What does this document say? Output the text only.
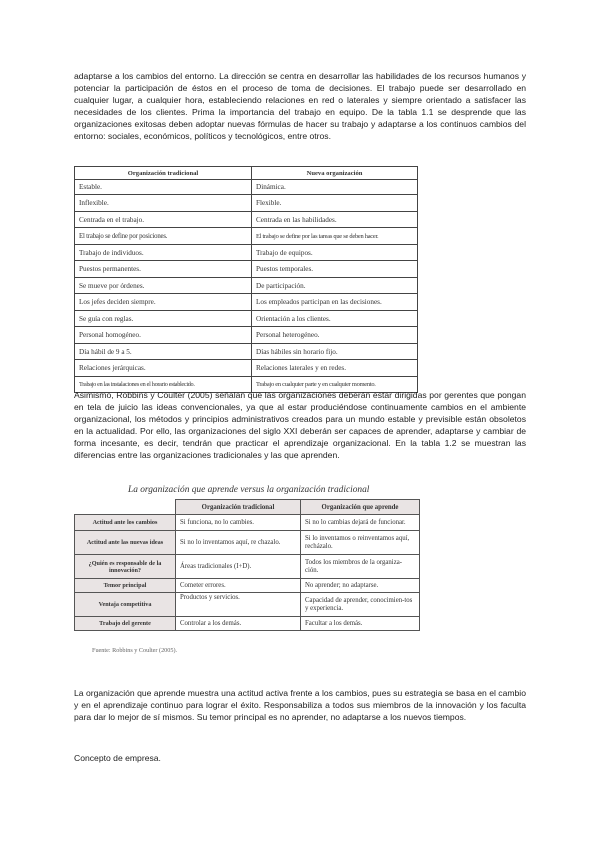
adaptarse a los cambios del entorno. La dirección se centra en desarrollar las habilidades de los recursos humanos y potenciar la participación de éstos en el proceso de toma de decisiones. El trabajo puede ser desarrollado en cualquier lugar, a cualquier hora, estableciendo relaciones en red o laterales y siempre orientado a satisfacer las necesidades de los clientes. Prima la importancia del trabajo en equipo. De la tabla 1.1 se desprende que las organizaciones exitosas deben adoptar nuevas fórmulas de hacer su trabajo y adaptarse a los continuos cambios del entorno: sociales, económicos, políticos y tecnológicos, entre otros.

Organización tradicional	Nueva organización
Estable.	Dinámica.
Inflexible.	Flexible.
Centrada en el trabajo.	Centrada en las habilidades.
El trabajo se define por posiciones.	El trabajo se define por las tareas que se deben hacer.
Trabajo de individuos.	Trabajo de equipos.
Puestos permanentes.	Puestos temporales.
Se mueve por órdenes.	De participación.
Los jefes deciden siempre.	Los empleados participan en las decisiones.
Se guía con reglas.	Orientación a los clientes.
Personal homogéneo.	Personal heterogéneo.
Día hábil de 9 a 5.	Días hábiles sin horario fijo.
Relaciones jerárquicas.	Relaciones laterales y en redes.
Trabajo en las instalaciones en el horario establecido.	Trabajo en cualquier parte y en cualquier momento.

Asimismo, Robbins y Coulter (2005) señalan que las organizaciones deberán estar dirigidas por gerentes que pongan en tela de juicio las ideas convencionales, ya que al estar produciéndose continuamente cambios en el ambiente organizacional, los métodos y principios administrativos creados para un mundo estable y previsible están obsoletos en la actualidad. Por ello, las organizaciones del siglo XXI deberán ser capaces de aprender, adaptarse y cambiar de forma incesante, es decir, tendrán que practicar el aprendizaje organizacional. En la tabla 1.2 se muestran las diferencias entre las organizaciones tradicionales y las que aprenden.

La organización que aprende versus la organización tradicional
	Organización tradicional	Organización que aprende
Actitud ante los cambios	Si funciona, no lo cambies.	Si no lo cambias dejará de funcionar.
Actitud ante las nuevas ideas	Si no lo inventamos aquí, re chazalo.	Si lo inventamos o reinventamos aquí, recházalo.
¿Quién es responsable de la innovación?	Áreas tradicionales (I+D).	Todos los miembros de la organiza-ción.
Temor principal	Cometer errores.	No aprender; no adaptarse.
Ventaja competitiva	Productos y servicios.	Capacidad de aprender, conocimien-tos y experiencia.
Trabajo del gerente	Controlar a los demás.	Facultar a los demás.
Fuente: Robbins y Coulter (2005).

La organización que aprende muestra una actitud activa frente a los cambios, pues su estrategia se basa en el cambio y en el aprendizaje continuo para lograr el éxito. Responsabiliza a todos sus miembros de la innovación y los faculta para dar lo mejor de sí mismos. Su temor principal es no aprender, no adaptarse a los nuevos tiempos.

Concepto de empresa.
